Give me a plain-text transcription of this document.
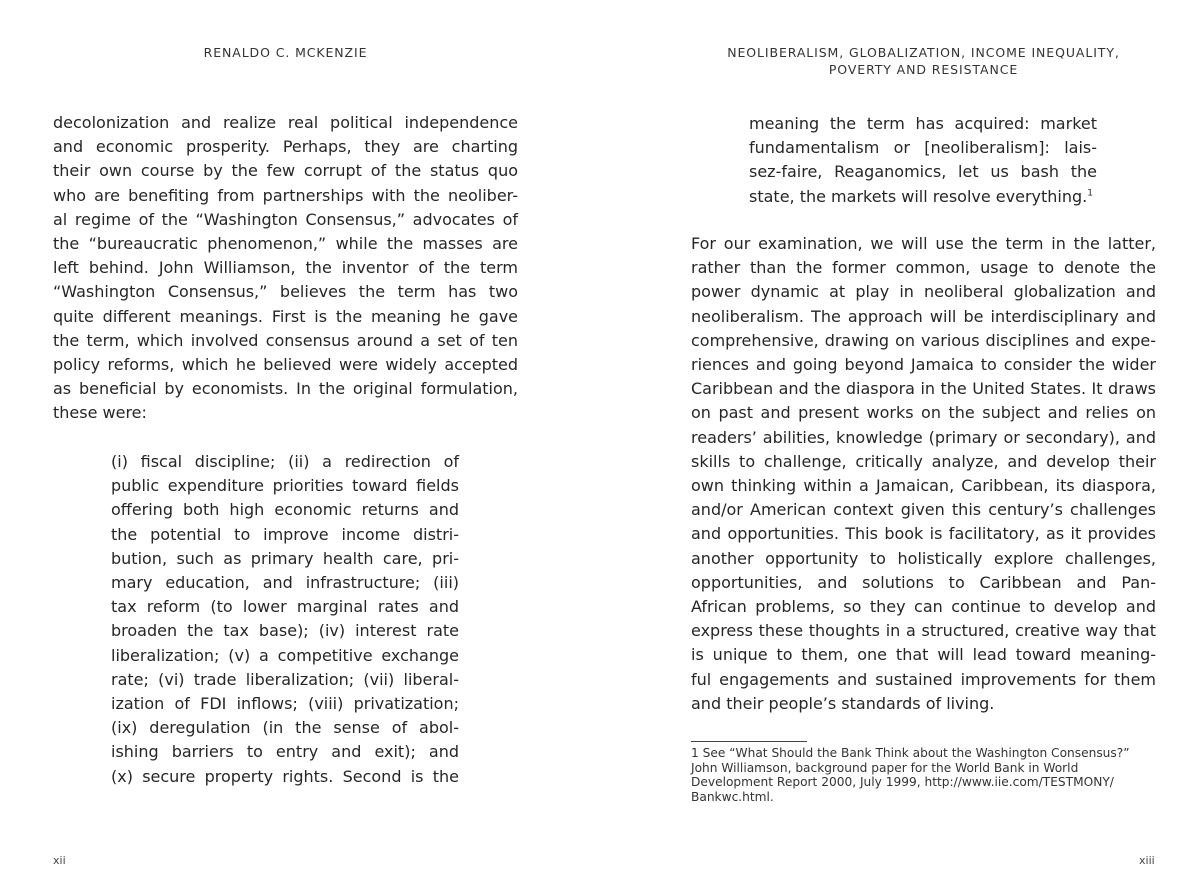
RENALDO C. MCKENZIE
decolonization and realize real political independence
and economic prosperity. Perhaps, they are charting
their own course by the few corrupt of the status quo
who are benefiting from partnerships with the neoliber-
al regime of the “Washington Consensus,” advocates of
the “bureaucratic phenomenon,” while the masses are
left behind. John Williamson, the inventor of the term
“Washington Consensus,” believes the term has two
quite different meanings. First is the meaning he gave
the term, which involved consensus around a set of ten
policy reforms, which he believed were widely accepted
as beneficial by economists. In the original formulation,
these were:
(i) fiscal discipline; (ii) a redirection of
public expenditure priorities toward fields
offering both high economic returns and
the potential to improve income distri-
bution, such as primary health care, pri-
mary education, and infrastructure; (iii)
tax reform (to lower marginal rates and
broaden the tax base); (iv) interest rate
liberalization; (v) a competitive exchange
rate; (vi) trade liberalization; (vii) liberal-
ization of FDI inflows; (viii) privatization;
(ix) deregulation (in the sense of abol-
ishing barriers to entry and exit); and
(x) secure property rights. Second is the
xii
NEOLIBERALISM, GLOBALIZATION, INCOME INEQUALITY,
POVERTY AND RESISTANCE
meaning the term has acquired: market
fundamentalism or [neoliberalism]: lais-
sez-faire, Reaganomics, let us bash the
state, the markets will resolve everything.$^1$
For our examination, we will use the term in the latter,
rather than the former common, usage to denote the
power dynamic at play in neoliberal globalization and
neoliberalism. The approach will be interdisciplinary and
comprehensive, drawing on various disciplines and expe-
riences and going beyond Jamaica to consider the wider
Caribbean and the diaspora in the United States. It draws
on past and present works on the subject and relies on
readers’ abilities, knowledge (primary or secondary), and
skills to challenge, critically analyze, and develop their
own thinking within a Jamaican, Caribbean, its diaspora,
and/or American context given this century’s challenges
and opportunities. This book is facilitatory, as it provides
another opportunity to holistically explore challenges,
opportunities, and solutions to Caribbean and Pan-
African problems, so they can continue to develop and
express these thoughts in a structured, creative way that
is unique to them, one that will lead toward meaning-
ful engagements and sustained improvements for them
and their people’s standards of living.
1 See “What Should the Bank Think about the Washington Consensus?”
John Williamson, background paper for the World Bank in World
Development Report 2000, July 1999, http://www.iie.com/TESTMONY/
Bankwc.html.
xiii
